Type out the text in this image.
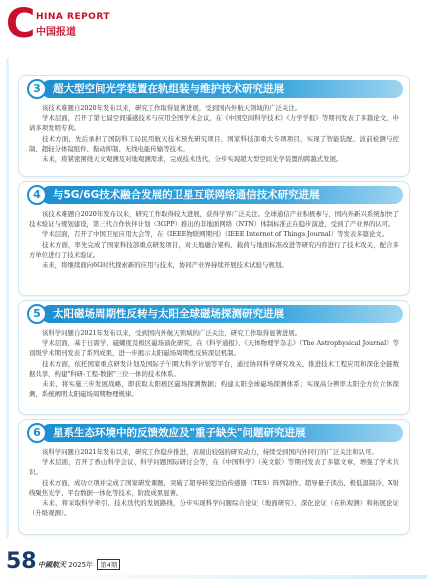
C HINA REPORT
中国报道
3	超大型空间光学装置在轨组装与维护技术研究进展

该技术难题自2020年发布以来，研究工作取得显著进展，受到国内外航天领域的广泛关注。

学术层面，召开了第七届空间遥感技术与应用全国学术会议，在《中国空间科学技术》《力学学报》等期刊发表了多篇论文，申请多项发明专利。

技术方面，先后承担了国防科工局民用航天技术预先研究项目、国家科技部重大专项项目，实现了智能装配、波前检测与控制、超轻分体镜组件、振动抑制、无线电能传输等技术。

未来，将紧密围绕天文观测及对地观测需求，完成技术迭代，分步实现超大型空间光学装置的跨越式发展。

4	与5G/6G技术融合发展的卫星互联网络通信技术研究进展

该技术难题自2020年发布以来，研究工作取得较大进展，获得学界广泛关注。全球通信产业积极参与，国内外新兴系统加快了技术验证与规划建设，第三代合作伙伴计划（3GPP）推出的非地面网络（NTN）体制标准正在稳步演进，受到了产业界的认可。

学术层面，召开了中国卫星应用大会等，在《IEEE物联网期刊》（IEEE Internet of Things Journal）等发表多篇论文。

技术方面，率先完成了国家科技部重点研发项目，对天地融合架构、载荷与地面标准改进等研究内容进行了技术攻关，配合多方单位进行了技术验证。

未来，将继续面向6G时代探索新的应用与技术，协同产业界持续开展技术试验与规划。

5	太阳磁场周期性反转与太阳全球磁场探测研究进展

该科学问题自2021年发布以来，受到国内外航天领域的广泛关注，研究工作取得显著进展。

学术层面，基于日震学、磁螺度及极区磁场演化研究，在《科学通报》、《天体物理学杂志》（The Astrophysical Journal）等顶级学术期刊发表了系列成果，进一步揭示太阳磁场周期性反转深层机制。

技术方面，依托国家重点研发计划及国际子午圈大科学计划等平台，通过协同科学研究攻关、推进技术工程应用和深化全链数据共享，构建"科研-工程-数据"三位一体的技术体系。

未来，将实施三步发展战略，即获取太阳极区磁场探测数据；构建太阳全球磁场探测体系；实现高分辨率太阳全方位立体探测，系统阐明太阳磁场周期物理规律。

6	星系生态环境中的反馈效应及"重子缺失"问题研究进展

该科学问题自2021年发布以来，研究工作稳步推进，表现出较强的研究动力，持续受到国内外同行的广泛关注和认可。

学术层面，召开了香山科学会议、科学问题国际研讨会等，在《中国科学》（英文版）等期刊发表了多篇文章，增强了学术共识。

技术方面，成功立项并完成了国家研发课题，突破了超导转变边沿传感器（TES）阵列制作、超导量子读出、极低温制冷、X射线聚焦光学、平台数据一体化等技术，阶段成果显著。

未来，将采取科学牵引、技术迭代的发展路线，分步实现科学问题综合论证（地面研究）、深化论证（在轨观测）和拓展论证（升级观测）。

58 中國航天 2025年 第4期
